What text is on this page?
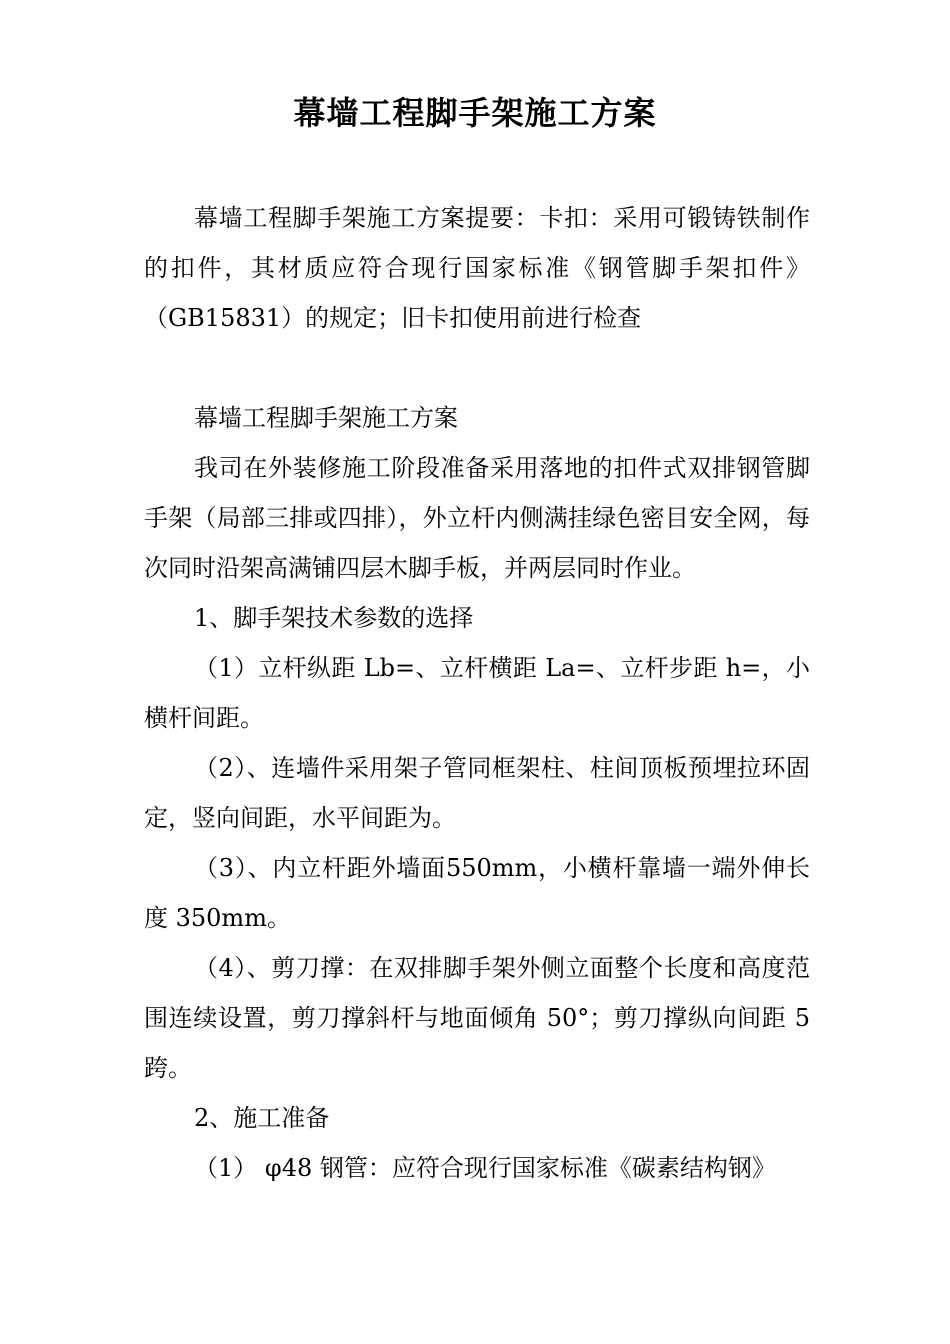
幕墙工程脚手架施工方案

幕墙工程脚手架施工方案提要：卡扣：采用可锻铸铁制作的扣件，其材质应符合现行国家标准《钢管脚手架扣件》（GB15831）的规定；旧卡扣使用前进行检查

幕墙工程脚手架施工方案

我司在外装修施工阶段准备采用落地的扣件式双排钢管脚手架（局部三排或四排），外立杆内侧满挂绿色密目安全网，每次同时沿架高满铺四层木脚手板，并两层同时作业。

1、脚手架技术参数的选择

（1）立杆纵距 Lb=、立杆横距 La=、立杆步距 h=，小横杆间距。

（2）、连墙件采用架子管同框架柱、柱间顶板预埋拉环固定，竖向间距，水平间距为。

（3）、内立杆距外墙面550mm，小横杆靠墙一端外伸长度 350mm。

（4）、剪刀撑：在双排脚手架外侧立面整个长度和高度范围连续设置，剪刀撑斜杆与地面倾角 50°；剪刀撑纵向间距 5 跨。

2、施工准备

（1） φ48 钢管：应符合现行国家标准《碳素结构钢》
